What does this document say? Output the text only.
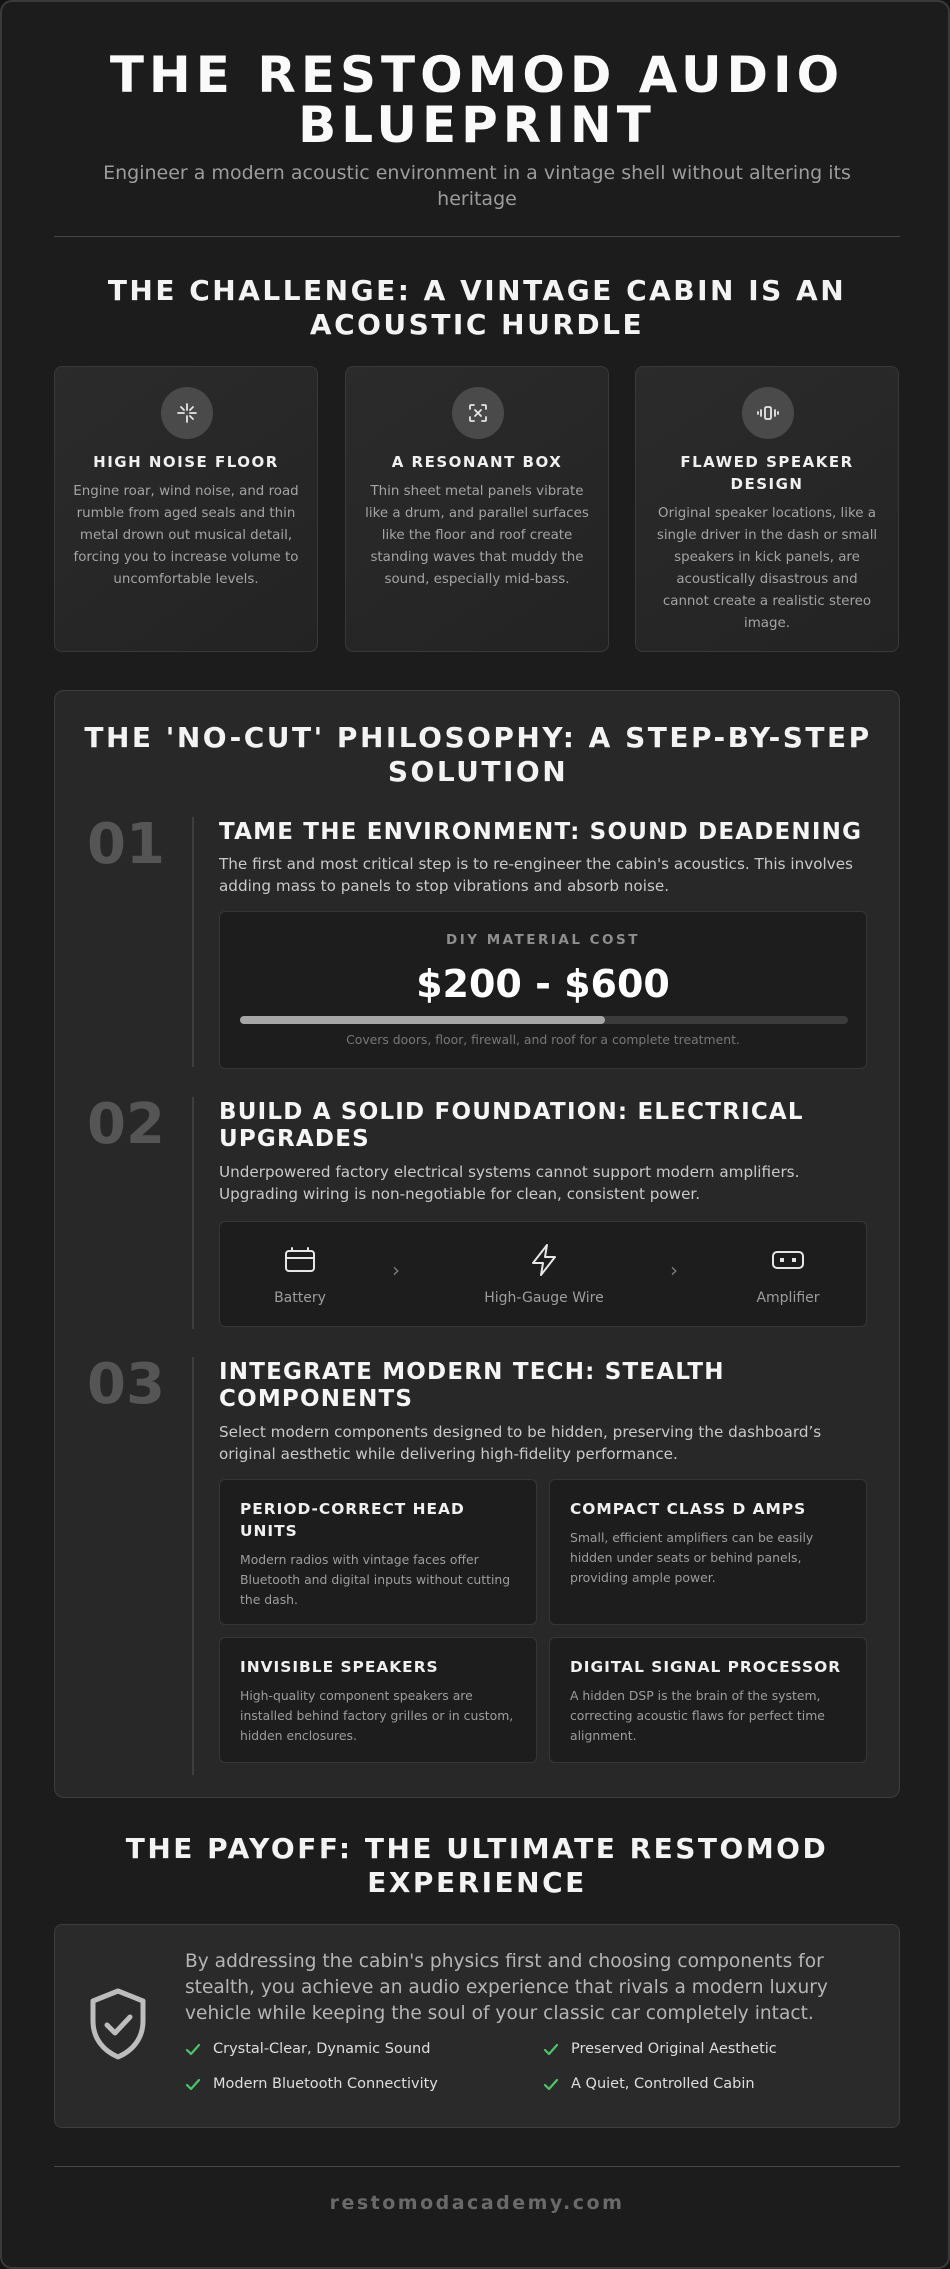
THE RESTOMOD AUDIO BLUEPRINT
Engineer a modern acoustic environment in a vintage shell without altering its heritage
THE CHALLENGE: A VINTAGE CABIN IS AN ACOUSTIC HURDLE
HIGH NOISE FLOOR
Engine roar, wind noise, and road rumble from aged seals and thin metal drown out musical detail, forcing you to increase volume to uncomfortable levels.
A RESONANT BOX
Thin sheet metal panels vibrate like a drum, and parallel surfaces like the floor and roof create standing waves that muddy the sound, especially mid-bass.
FLAWED SPEAKER DESIGN
Original speaker locations, like a single driver in the dash or small speakers in kick panels, are acoustically disastrous and cannot create a realistic stereo image.
THE 'NO-CUT' PHILOSOPHY: A STEP-BY-STEP SOLUTION
01 TAME THE ENVIRONMENT: SOUND DEADENING
The first and most critical step is to re-engineer the cabin's acoustics. This involves adding mass to panels to stop vibrations and absorb noise.
DIY MATERIAL COST
$200 - $600
Covers doors, floor, firewall, and roof for a complete treatment.
02 BUILD A SOLID FOUNDATION: ELECTRICAL UPGRADES
Underpowered factory electrical systems cannot support modern amplifiers. Upgrading wiring is non-negotiable for clean, consistent power.
Battery
›
High-Gauge Wire
›
Amplifier
03 INTEGRATE MODERN TECH: STEALTH COMPONENTS
Select modern components designed to be hidden, preserving the dashboard’s original aesthetic while delivering high-fidelity performance.
PERIOD-CORRECT HEAD UNITS
Modern radios with vintage faces offer Bluetooth and digital inputs without cutting the dash.
COMPACT CLASS D AMPS
Small, efficient amplifiers can be easily hidden under seats or behind panels, providing ample power.
INVISIBLE SPEAKERS
High-quality component speakers are installed behind factory grilles or in custom, hidden enclosures.
DIGITAL SIGNAL PROCESSOR
A hidden DSP is the brain of the system, correcting acoustic flaws for perfect time alignment.
THE PAYOFF: THE ULTIMATE RESTOMOD EXPERIENCE
By addressing the cabin's physics first and choosing components for stealth, you achieve an audio experience that rivals a modern luxury vehicle while keeping the soul of your classic car completely intact.
Crystal-Clear, Dynamic Sound	Preserved Original Aesthetic
Modern Bluetooth Connectivity	A Quiet, Controlled Cabin
restomodacademy.com
